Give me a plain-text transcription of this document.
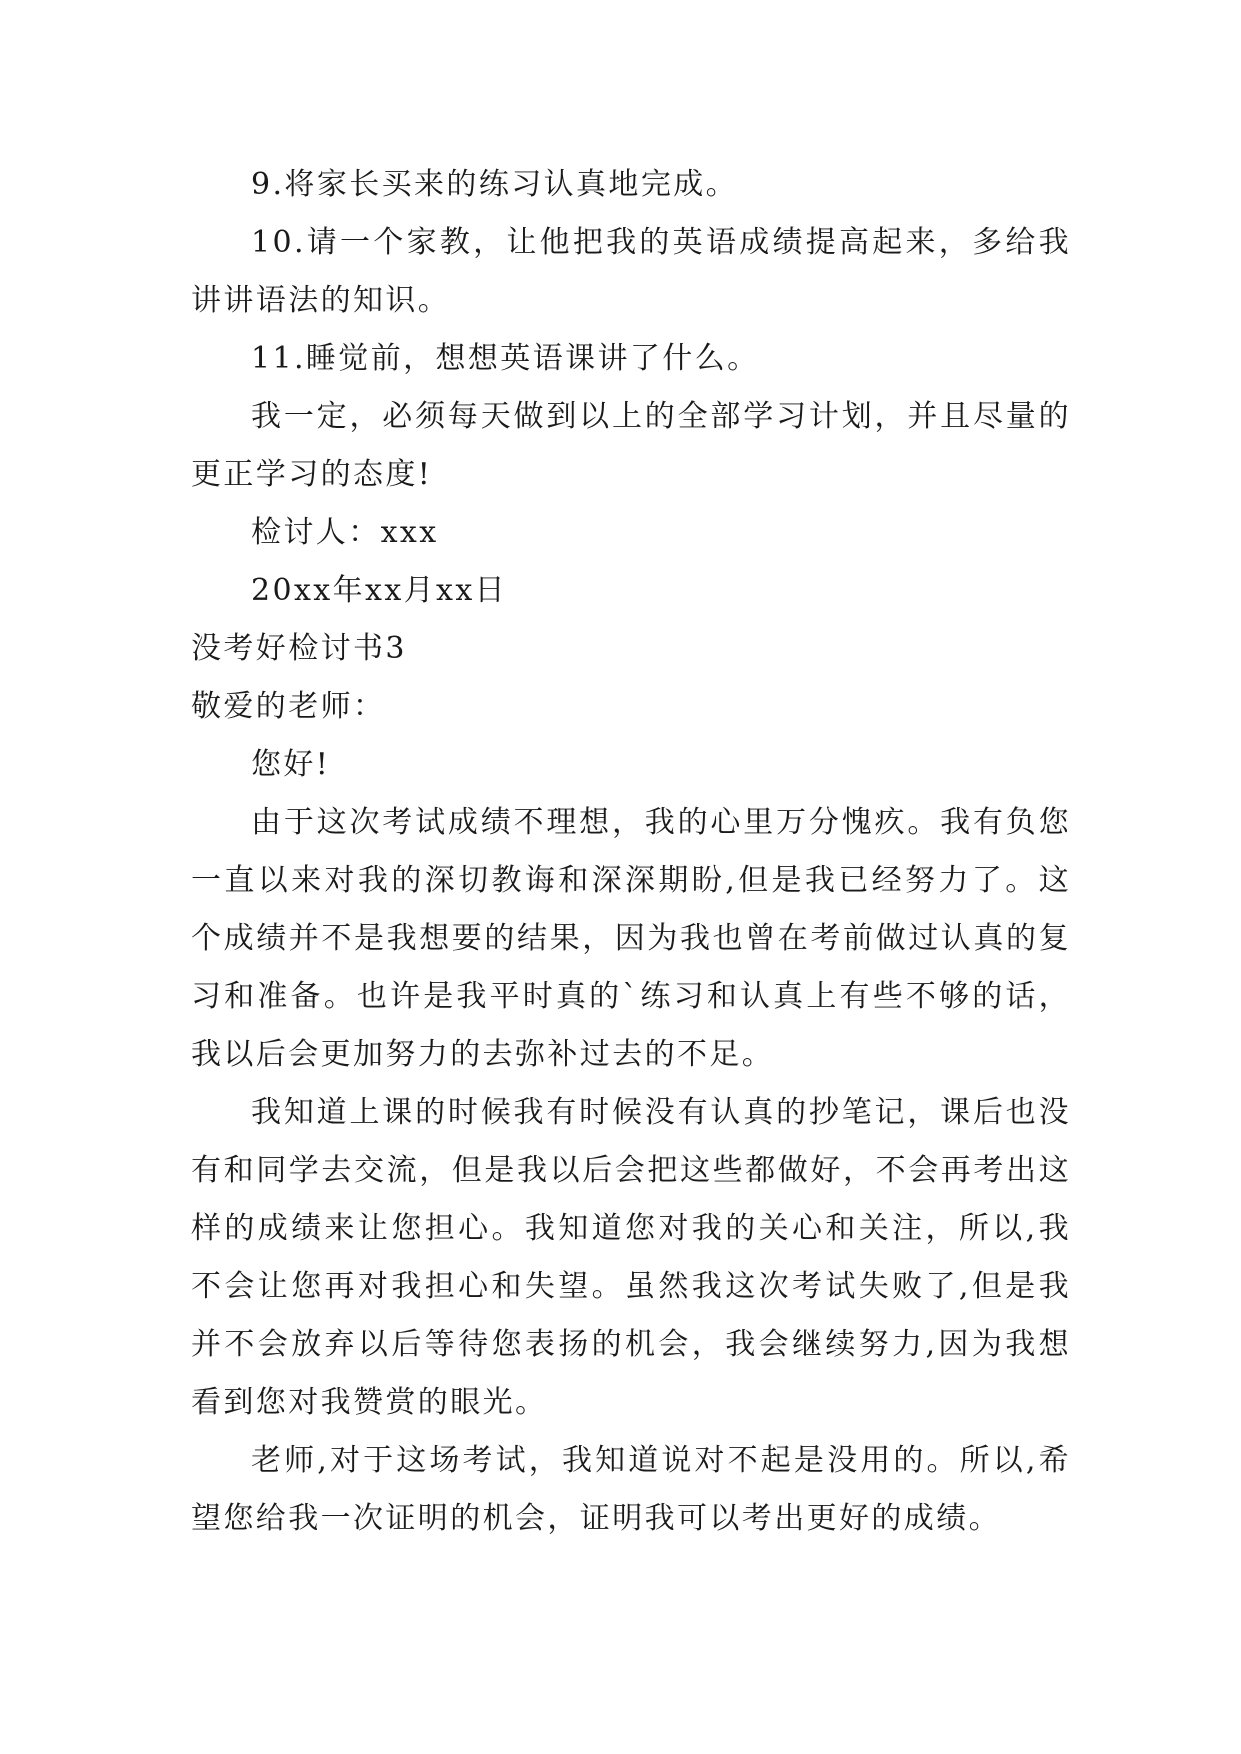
9.将家长买来的练习认真地完成。

10.请一个家教，让他把我的英语成绩提高起来，多给我讲讲语法的知识。

11.睡觉前，想想英语课讲了什么。

我一定，必须每天做到以上的全部学习计划，并且尽量的更正学习的态度!

检讨人：xxx

20xx年xx月xx日

没考好检讨书3

敬爱的老师：

您好!

由于这次考试成绩不理想，我的心里万分愧疚。我有负您一直以来对我的深切教诲和深深期盼,但是我已经努力了。这个成绩并不是我想要的结果，因为我也曾在考前做过认真的复习和准备。也许是我平时真的`练习和认真上有些不够的话，我以后会更加努力的去弥补过去的不足。

我知道上课的时候我有时候没有认真的抄笔记，课后也没有和同学去交流，但是我以后会把这些都做好，不会再考出这样的成绩来让您担心。我知道您对我的关心和关注，所以,我不会让您再对我担心和失望。虽然我这次考试失败了,但是我并不会放弃以后等待您表扬的机会，我会继续努力,因为我想看到您对我赞赏的眼光。

老师,对于这场考试，我知道说对不起是没用的。所以,希望您给我一次证明的机会，证明我可以考出更好的成绩。
